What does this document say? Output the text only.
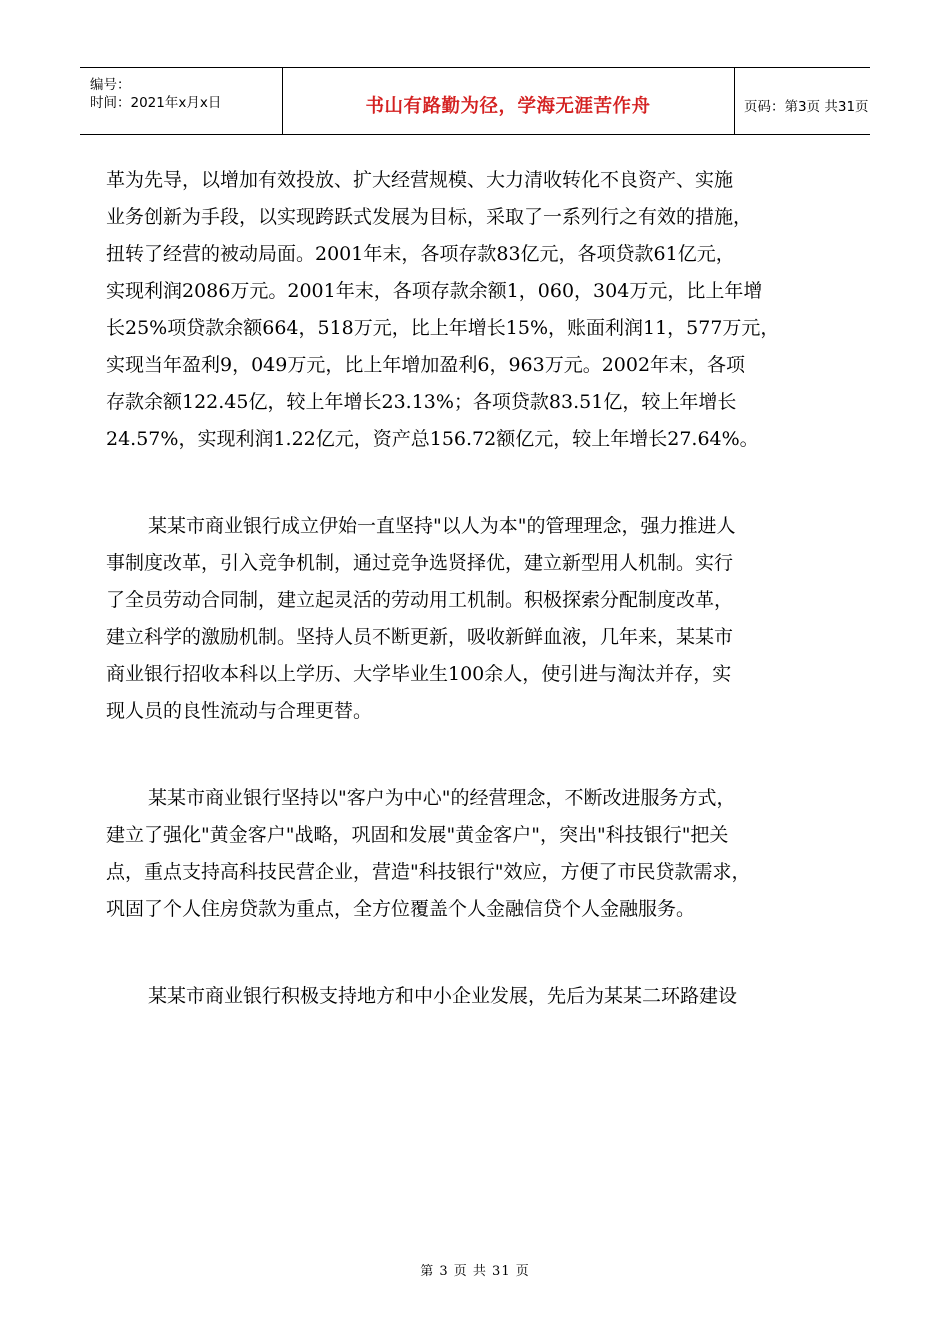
编号：
时间：2021年x月x日	书山有路勤为径，学海无涯苦作舟	页码：第3页 共31页

革为先导，以增加有效投放、扩大经营规模、大力清收转化不良资产、实施
业务创新为手段，以实现跨跃式发展为目标，采取了一系列行之有效的措施，
扭转了经营的被动局面。2001年末，各项存款83亿元，各项贷款61亿元，
实现利润2086万元。2001年末，各项存款余额1，060，304万元，比上年增
长25%项贷款余额664，518万元，比上年增长15%，账面利润11，577万元，
实现当年盈利9，049万元，比上年增加盈利6，963万元。2002年末，各项
存款余额122.45亿，较上年增长23.13%；各项贷款83.51亿，较上年增长
24.57%，实现利润1.22亿元，资产总156.72额亿元，较上年增长27.64%。

某某市商业银行成立伊始一直坚持"以人为本"的管理理念，强力推进人
事制度改革，引入竞争机制，通过竞争选贤择优，建立新型用人机制。实行
了全员劳动合同制，建立起灵活的劳动用工机制。积极探索分配制度改革，
建立科学的激励机制。坚持人员不断更新，吸收新鲜血液，几年来，某某市
商业银行招收本科以上学历、大学毕业生100余人，使引进与淘汰并存，实
现人员的良性流动与合理更替。

某某市商业银行坚持以"客户为中心"的经营理念，不断改进服务方式，
建立了强化"黄金客户"战略，巩固和发展"黄金客户"，突出"科技银行"把关
点，重点支持高科技民营企业，营造"科技银行"效应，方便了市民贷款需求，
巩固了个人住房贷款为重点，全方位覆盖个人金融信贷个人金融服务。

某某市商业银行积极支持地方和中小企业发展，先后为某某二环路建设

第 3 页 共 31 页
